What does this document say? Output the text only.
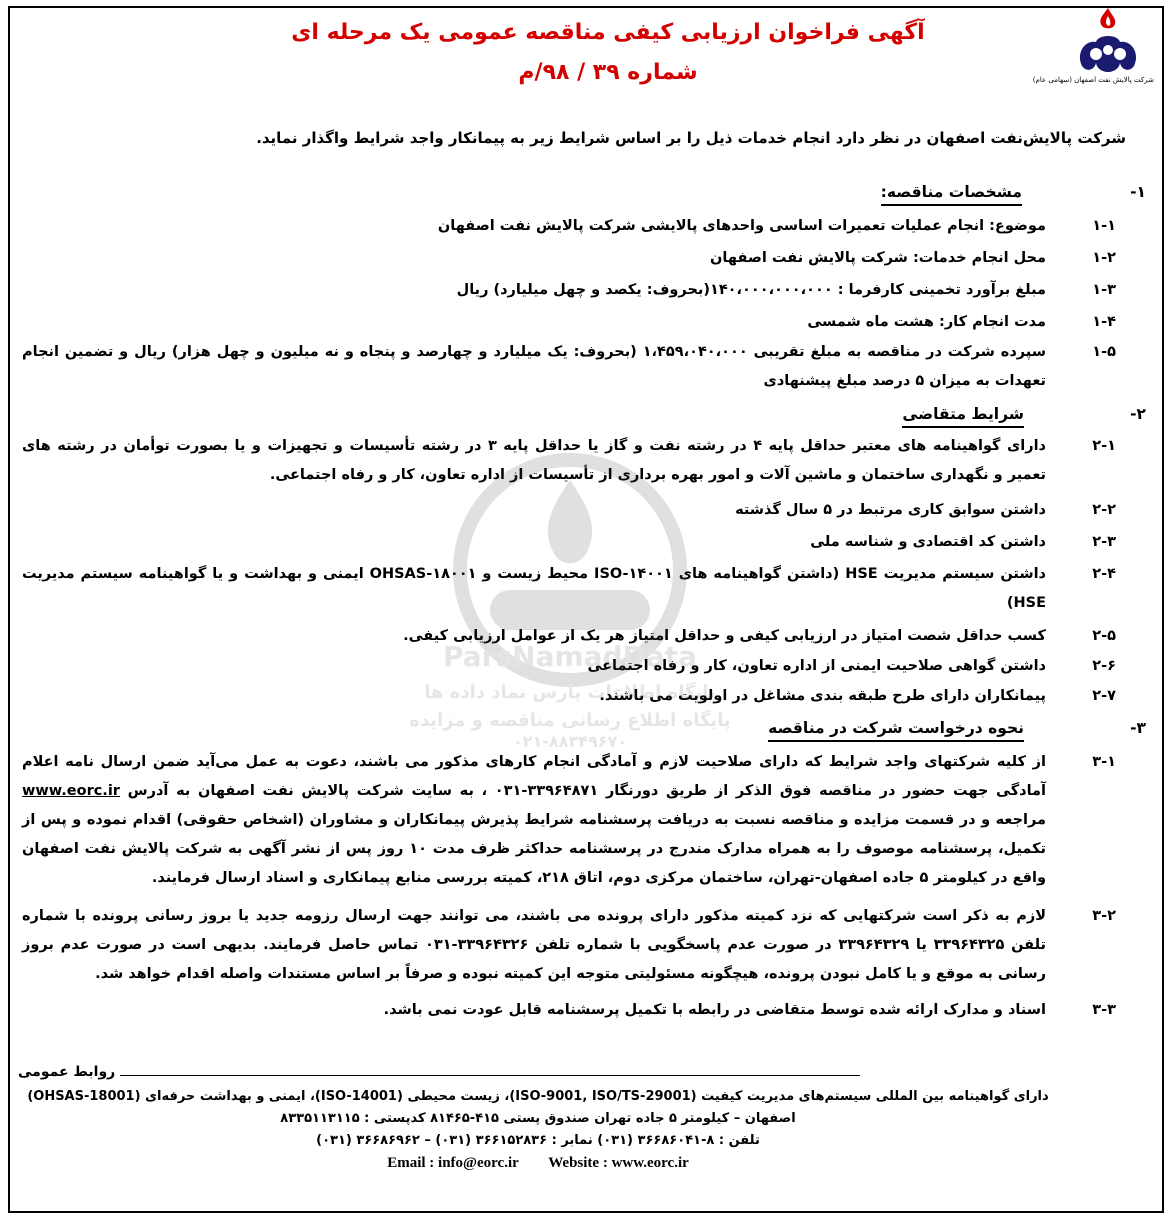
شرکت پالایش نفت اصفهان (سهامی عام)
آگهی فراخوان ارزیابی کیفی مناقصه عمومی یک مرحله ای
شماره ۳۹ / ۹۸/م
شرکت پالایش‌نفت اصفهان در نظر دارد انجام خدمات ذیل را بر اساس شرایط زیر به پیمانکار واجد شرایط واگذار نماید.
۱-
مشخصات مناقصه:
۱-۱
موضوع: انجام عملیات تعمیرات اساسی واحدهای پالایشی شرکت پالایش نفت اصفهان
۱-۲
محل انجام خدمات: شرکت پالایش نفت اصفهان
۱-۳
مبلغ برآورد تخمینی کارفرما : ۱۴۰،۰۰۰،۰۰۰،۰۰۰(بحروف: یکصد و چهل میلیارد) ریال
۱-۴
مدت انجام کار: هشت ماه شمسی
۱-۵
سپرده شرکت در مناقصه به مبلغ تقریبی ۱،۴۵۹،۰۴۰،۰۰۰ (بحروف: یک میلیارد و چهارصد و پنجاه و نه میلیون و چهل هزار) ریال و تضمین انجام تعهدات به میزان ۵ درصد مبلغ پیشنهادی
۲-
شرایط متقاضی
۲-۱
دارای گواهینامه های معتبر حداقل پایه ۴ در رشته نفت و گاز یا حداقل پایه ۳ در رشته تأسیسات و تجهیزات و یا بصورت توأمان در رشته های تعمیر و نگهداری ساختمان و ماشین آلات و امور بهره برداری از تأسیسات از اداره تعاون، کار و رفاه اجتماعی.
۲-۲
داشتن سوابق کاری مرتبط در ۵ سال گذشته
۲-۳
داشتن کد اقتصادی و شناسه ملی
۲-۴
داشتن سیستم مدیریت HSE (داشتن گواهینامه های ISO-۱۴۰۰۱ محیط زیست و OHSAS-۱۸۰۰۱ ایمنی و بهداشت و یا گواهینامه سیستم مدیریت HSE)
۲-۵
کسب حداقل شصت امتیاز در ارزیابی کیفی و حداقل امتیاز هر یک از عوامل ارزیابی کیفی.
۲-۶
داشتن گواهی صلاحیت ایمنی از اداره تعاون، کار و رفاه اجتماعی
۲-۷
پیمانکاران دارای طرح طبقه بندی مشاغل در اولویت می باشند.
۳-
نحوه درخواست شرکت در مناقصه
۳-۱
از کلیه شرکتهای واجد شرایط که دارای صلاحیت لازم و آمادگی انجام کارهای مذکور می باشند، دعوت به عمل می‌آید ضمن ارسال نامه اعلام آمادگی جهت حضور در مناقصه فوق الذکر از طریق دورنگار ۳۳۹۶۴۸۷۱-۰۳۱ ، به سایت شرکت پالایش نفت اصفهان به آدرس www.eorc.ir مراجعه و در قسمت مزایده و مناقصه نسبت به دریافت پرسشنامه شرایط پذیرش پیمانکاران و مشاوران (اشخاص حقوقی) اقدام نموده و پس از تکمیل، پرسشنامه موصوف را به همراه مدارک مندرج در پرسشنامه حداکثر ظرف مدت ۱۰ روز پس از نشر آگهی به شرکت پالایش نفت اصفهان واقع در کیلومتر ۵ جاده اصفهان-تهران، ساختمان مرکزی دوم، اتاق ۲۱۸، کمیته بررسی منابع پیمانکاری و اسناد ارسال فرمایند.
۳-۲
لازم به ذکر است شرکتهایی که نزد کمیته مذکور دارای پرونده می باشند، می توانند جهت ارسال رزومه جدید یا بروز رسانی پرونده با شماره تلفن ۳۳۹۶۴۳۲۵ یا ۳۳۹۶۴۳۲۹ در صورت عدم پاسخگویی با شماره تلفن ۳۳۹۶۴۳۲۶-۰۳۱ تماس حاصل فرمایند. بدیهی است در صورت عدم بروز رسانی به موقع و یا کامل نبودن پرونده، هیچگونه مسئولیتی متوجه این کمیته نبوده و صرفاً بر اساس مستندات واصله اقدام خواهد شد.
۳-۳
اسناد و مدارک ارائه شده توسط متقاضی در رابطه با تکمیل پرسشنامه قابل عودت نمی باشد.
ParsNamadData
پایگاه اطلاعات پارس نماد داده ها
پایگاه اطلاع رسانی مناقصه و مزایده
۰۲۱-۸۸۳۴۹۶۷۰
روابط عمومی
دارای گواهینامه بین المللی سیستم‌های مدیریت کیفیت (ISO-9001, ISO/TS-29001)، زیست محیطی (ISO-14001)، ایمنی و بهداشت حرفه‌ای (OHSAS-18001)
اصفهان – کیلومتر ۵ جاده تهران صندوق پستی ۴۱۵-۸۱۴۶۵ کدپستی : ۸۳۳۵۱۱۳۱۱۵
تلفن : ۸-۳۶۶۸۶۰۴۱ (۰۳۱) نمابر : ۳۶۶۱۵۲۸۳۶ (۰۳۱) – ۳۶۶۸۶۹۶۲ (۰۳۱)
Email : info@eorc.ir Website : www.eorc.ir
